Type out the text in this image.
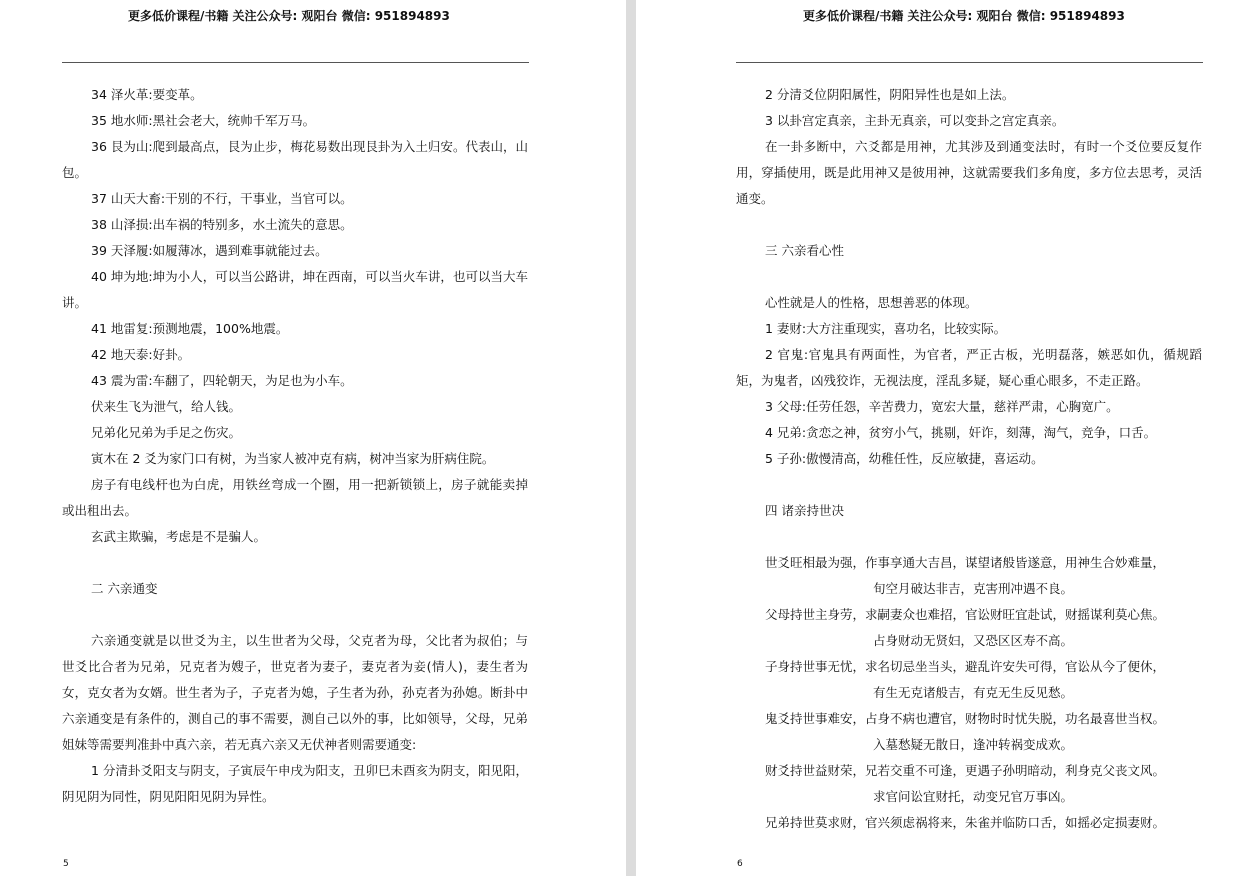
更多低价课程/书籍 关注公众号: 观阳台 微信: 951894893

34 泽火革:要变革。

35 地水师:黑社会老大，统帅千军万马。

36 艮为山:爬到最高点，艮为止步，梅花易数出现艮卦为入土归安。代表山，山包。

37 山天大畜:干别的不行，干事业，当官可以。

38 山泽损:出车祸的特别多，水土流失的意思。

39 天泽履:如履薄冰，遇到难事就能过去。

40 坤为地:坤为小人，可以当公路讲，坤在西南，可以当火车讲，也可以当大车讲。

41 地雷复:预测地震，100%地震。

42 地天泰:好卦。

43 震为雷:车翻了，四轮朝天，为足也为小车。

伏来生飞为泄气，给人钱。

兄弟化兄弟为手足之伤灾。

寅木在 2 爻为家门口有树，为当家人被冲克有病，树冲当家为肝病住院。

房子有电线杆也为白虎，用铁丝弯成一个圈，用一把新锁锁上，房子就能卖掉或出租出去。

玄武主欺骗，考虑是不是骗人。

二 六亲通变

六亲通变就是以世爻为主，以生世者为父母，父克者为母，父比者为叔伯；与世爻比合者为兄弟，兄克者为嫂子，世克者为妻子，妻克者为妾(情人)，妻生者为女，克女者为女婿。世生者为子，子克者为媳，子生者为孙，孙克者为孙媳。断卦中六亲通变是有条件的，测自己的事不需要，测自己以外的事，比如领导，父母，兄弟姐妹等需要判准卦中真六亲，若无真六亲又无伏神者则需要通变:

1 分清卦爻阳支与阴支，子寅辰午申戌为阳支，丑卯巳未酉亥为阴支，阳见阳，阴见阴为同性，阴见阳阳见阴为异性。

5
更多低价课程/书籍 关注公众号: 观阳台 微信: 951894893

2 分清爻位阴阳属性，阴阳异性也是如上法。

3 以卦宫定真亲，主卦无真亲，可以变卦之宫定真亲。

在一卦多断中，六爻都是用神，尤其涉及到通变法时，有时一个爻位要反复作用，穿插使用，既是此用神又是彼用神，这就需要我们多角度，多方位去思考，灵活通变。

三 六亲看心性

心性就是人的性格，思想善恶的体现。

1 妻财:大方注重现实，喜功名，比较实际。

2 官鬼:官鬼具有两面性，为官者，严正古板，光明磊落，嫉恶如仇，循规蹈矩，为鬼者，凶残狡诈，无视法度，淫乱多疑，疑心重心眼多，不走正路。

3 父母:任劳任怨，辛苦费力，宽宏大量，慈祥严肃，心胸宽广。

4 兄弟:贪恋之神，贫穷小气，挑剔，奸诈，刻薄，淘气，竞争，口舌。

5 子孙:傲慢清高，幼稚任性，反应敏捷，喜运动。

四 诸亲持世决

世爻旺相最为强，作事享通大吉昌，谋望诸般皆遂意，用神生合妙难量，

旬空月破达非吉，克害刑冲遇不良。

父母持世主身劳，求嗣妻众也难招，官讼财旺宜赴试，财摇谋利莫心焦。

占身财动无贤妇，又恐区区寿不高。

子身持世事无忧，求名切忌坐当头，避乱许安失可得，官讼从今了便休，

有生无克诸般吉，有克无生反见愁。

鬼爻持世事难安，占身不病也遭官，财物时时忧失脱，功名最喜世当权。

入墓愁疑无散日，逢冲转祸变成欢。

财爻持世益财荣，兄若交重不可逢，更遇子孙明暗动，利身克父丧文风。

求官问讼宜财托，动变兄官万事凶。

兄弟持世莫求财，官兴须虑祸将来，朱雀并临防口舌，如摇必定损妻财。

6
